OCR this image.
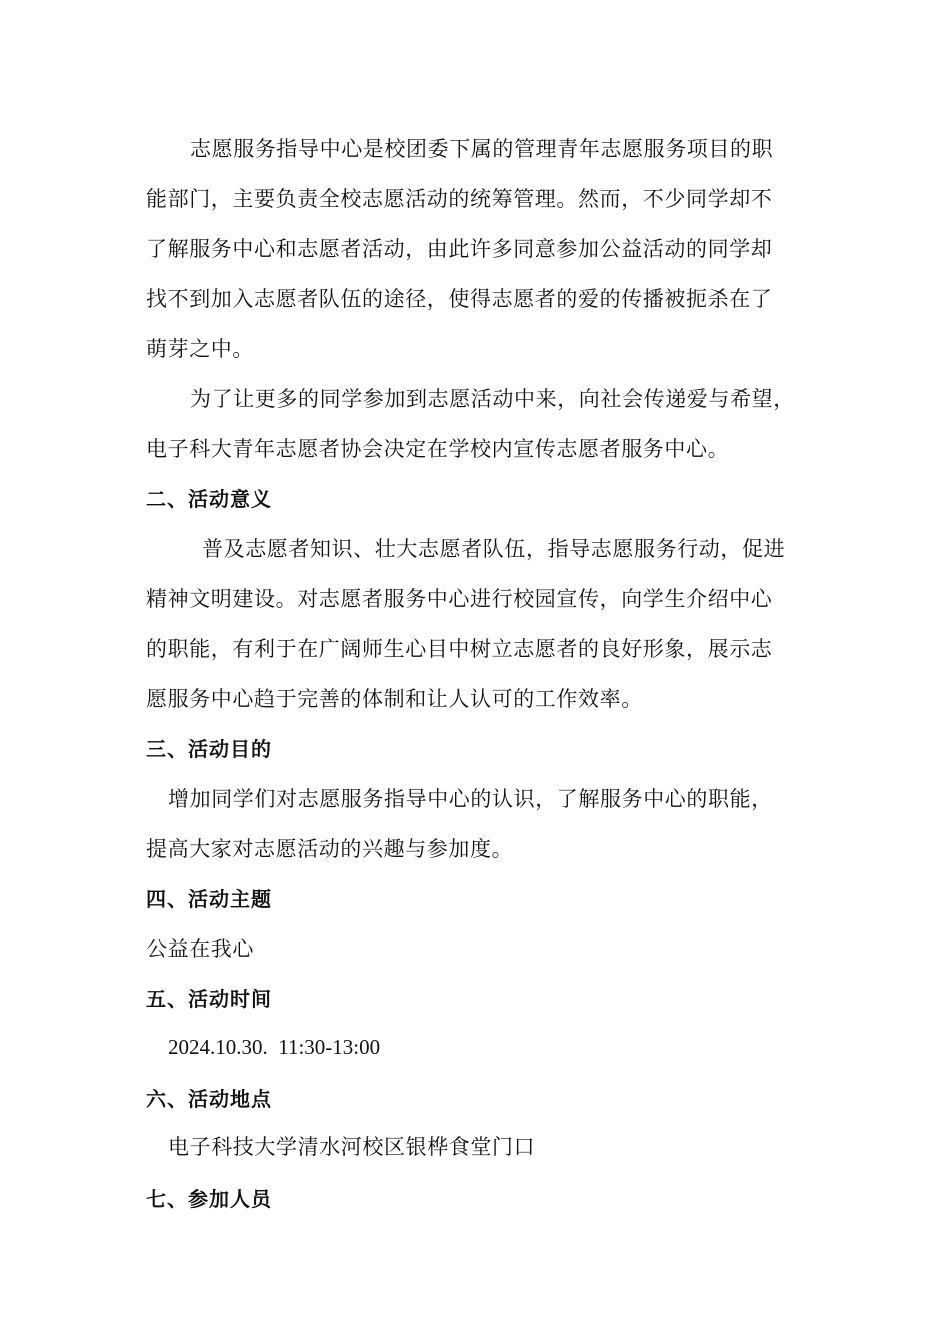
志愿服务指导中心是校团委下属的管理青年志愿服务项目的职
能部门，主要负责全校志愿活动的统筹管理。然而，不少同学却不
了解服务中心和志愿者活动，由此许多同意参加公益活动的同学却
找不到加入志愿者队伍的途径，使得志愿者的爱的传播被扼杀在了
萌芽之中。
为了让更多的同学参加到志愿活动中来，向社会传递爱与希望，
电子科大青年志愿者协会决定在学校内宣传志愿者服务中心。
二、活动意义
普及志愿者知识、壮大志愿者队伍，指导志愿服务行动，促进
精神文明建设。对志愿者服务中心进行校园宣传，向学生介绍中心
的职能，有利于在广阔师生心目中树立志愿者的良好形象，展示志
愿服务中心趋于完善的体制和让人认可的工作效率。
三、活动目的
增加同学们对志愿服务指导中心的认识，了解服务中心的职能，
提高大家对志愿活动的兴趣与参加度。
四、活动主题
公益在我心
五、活动时间
2024.10.30.  11:30-13:00
六、活动地点
电子科技大学清水河校区银桦食堂门口
七、参加人员
